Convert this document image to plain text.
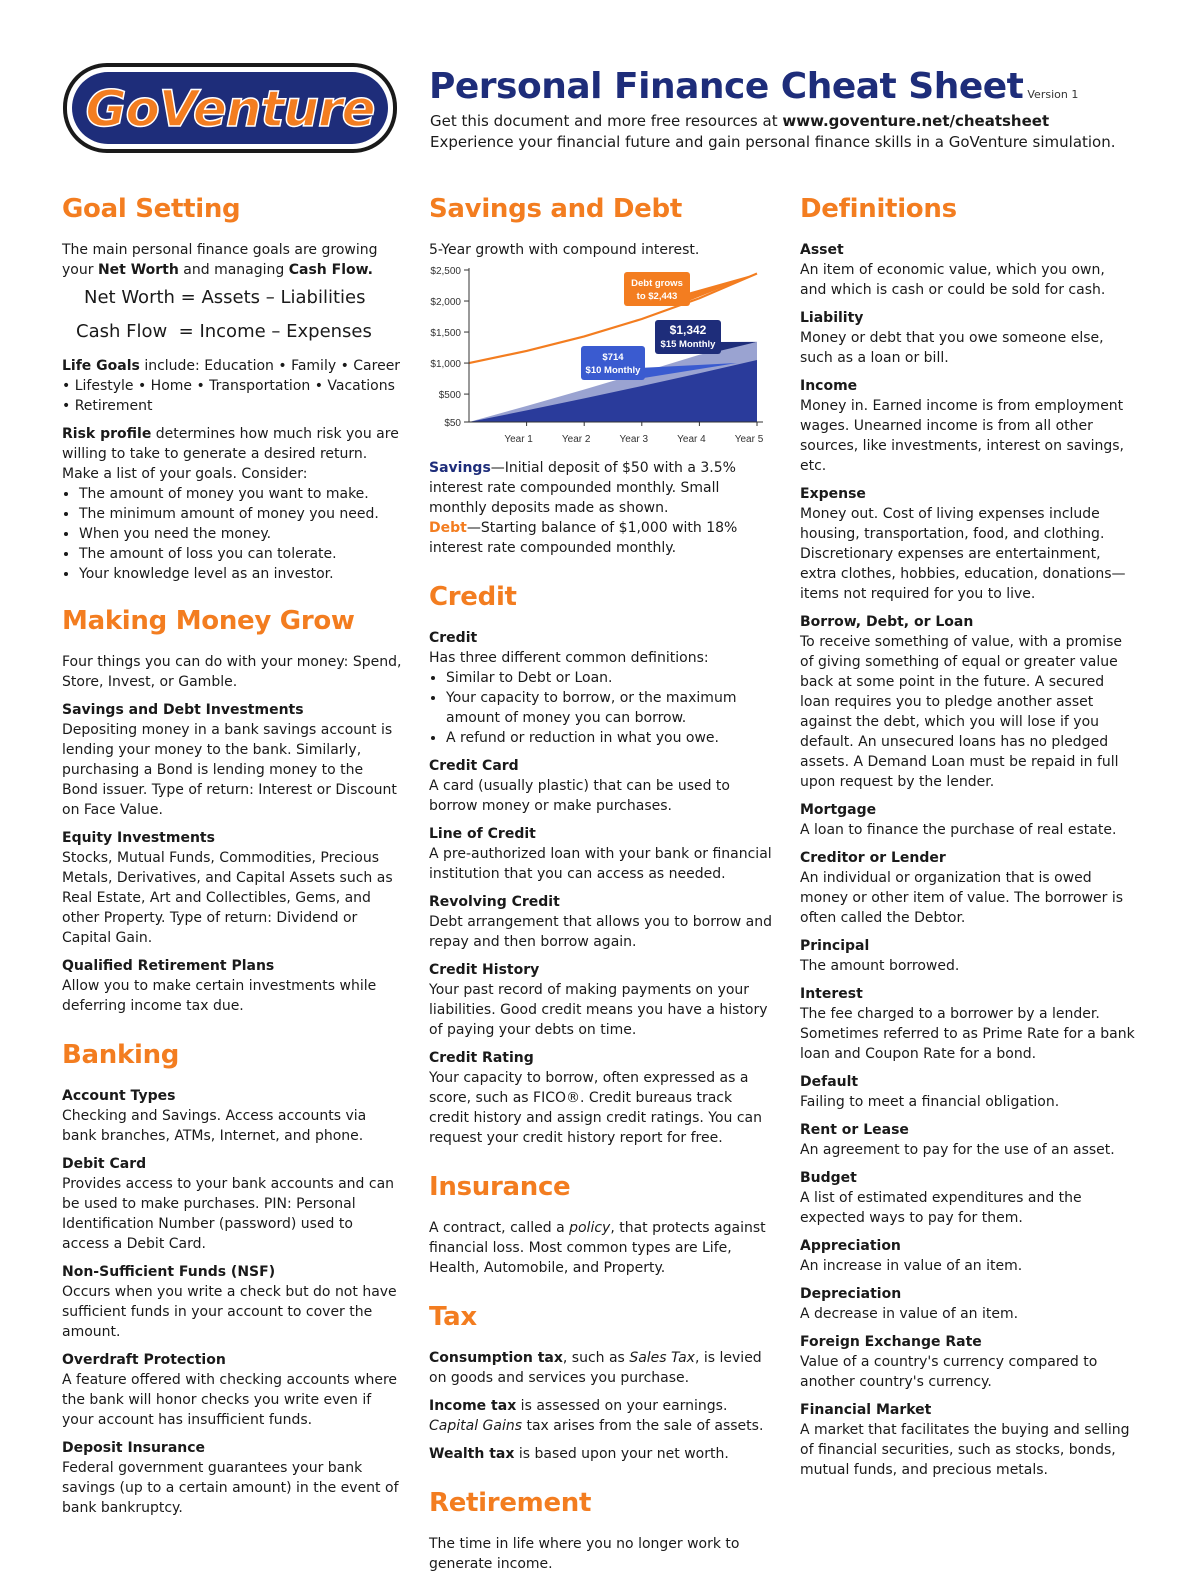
GoVenture Personal Finance Cheat Sheet Version 1
Get this document and more free resources at www.goventure.net/cheatsheet
Experience your financial future and gain personal finance skills in a GoVenture simulation.
Goal Setting

The main personal finance goals are growing your Net Worth and managing Cash Flow.

Net Worth = Assets – Liabilities
Cash Flow  = Income – Expenses

Life Goals include: Education • Family • Career • Lifestyle • Home • Transportation • Vacations • Retirement

Risk profile determines how much risk you are willing to take to generate a desired return. Make a list of your goals. Consider:

• The amount of money you want to make.
• The minimum amount of money you need.
• When you need the money.
• The amount of loss you can tolerate.
• Your knowledge level as an investor.
Making Money Grow

Four things you can do with your money: Spend, Store, Invest, or Gamble.

Savings and Debt Investments
Depositing money in a bank savings account is lending your money to the bank. Similarly, purchasing a Bond is lending money to the Bond issuer. Type of return: Interest or Discount on Face Value.
Equity Investments
Stocks, Mutual Funds, Commodities, Precious Metals, Derivatives, and Capital Assets such as Real Estate, Art and Collectibles, Gems, and other Property. Type of return: Dividend or Capital Gain.
Qualified Retirement Plans
Allow you to make certain investments while deferring income tax due.
Banking
Account Types
Checking and Savings. Access accounts via bank branches, ATMs, Internet, and phone.
Debit Card
Provides access to your bank accounts and can be used to make purchases. PIN: Personal Identification Number (password) used to access a Debit Card.
Non-Sufficient Funds (NSF)
Occurs when you write a check but do not have sufficient funds in your account to cover the amount.
Overdraft Protection
A feature offered with checking accounts where the bank will honor checks you write even if your account has insufficient funds.
Deposit Insurance
Federal government guarantees your bank savings (up to a certain amount) in the event of bank bankruptcy.
Savings and Debt

5-Year growth with compound interest.

$50
$500
$1,000
$1,500
$2,000
$2,500
Year 1	Year 2	Year 3	Year 4	Year 5
Debt grows
to $2,443
$1,342
$15 Monthly
$714
$10 Monthly

Savings—Initial deposit of $50 with a 3.5% interest rate compounded monthly. Small monthly deposits made as shown.

Debt—Starting balance of $1,000 with 18% interest rate compounded monthly.

Credit
Credit
Has three different common definitions:
• Similar to Debt or Loan.
• Your capacity to borrow, or the maximum amount of money you can borrow.
• A refund or reduction in what you owe.
Credit Card
A card (usually plastic) that can be used to borrow money or make purchases.
Line of Credit
A pre-authorized loan with your bank or financial institution that you can access as needed.
Revolving Credit
Debt arrangement that allows you to borrow and repay and then borrow again.
Credit History
Your past record of making payments on your liabilities. Good credit means you have a history of paying your debts on time.
Credit Rating
Your capacity to borrow, often expressed as a score, such as FICO®. Credit bureaus track credit history and assign credit ratings. You can request your credit history report for free.
Insurance

A contract, called a policy, that protects against financial loss. Most common types are Life, Health, Automobile, and Property.

Tax

Consumption tax, such as Sales Tax, is levied on goods and services you purchase.

Income tax is assessed on your earnings. Capital Gains tax arises from the sale of assets.

Wealth tax is based upon your net worth.

Retirement

The time in life where you no longer work to generate income.

Definitions
Asset
An item of economic value, which you own, and which is cash or could be sold for cash.
Liability
Money or debt that you owe someone else, such as a loan or bill.
Income
Money in. Earned income is from employment wages. Unearned income is from all other sources, like investments, interest on savings, etc.
Expense
Money out. Cost of living expenses include housing, transportation, food, and clothing. Discretionary expenses are entertainment, extra clothes, hobbies, education, donations—items not required for you to live.
Borrow, Debt, or Loan
To receive something of value, with a promise of giving something of equal or greater value back at some point in the future. A secured loan requires you to pledge another asset against the debt, which you will lose if you default. An unsecured loans has no pledged assets. A Demand Loan must be repaid in full upon request by the lender.
Mortgage
A loan to finance the purchase of real estate.
Creditor or Lender
An individual or organization that is owed money or other item of value. The borrower is often called the Debtor.
Principal
The amount borrowed.
Interest
The fee charged to a borrower by a lender. Sometimes referred to as Prime Rate for a bank loan and Coupon Rate for a bond.
Default
Failing to meet a financial obligation.
Rent or Lease
An agreement to pay for the use of an asset.
Budget
A list of estimated expenditures and the expected ways to pay for them.
Appreciation
An increase in value of an item.
Depreciation
A decrease in value of an item.
Foreign Exchange Rate
Value of a country's currency compared to another country's currency.
Financial Market
A market that facilitates the buying and selling of financial securities, such as stocks, bonds, mutual funds, and precious metals.
